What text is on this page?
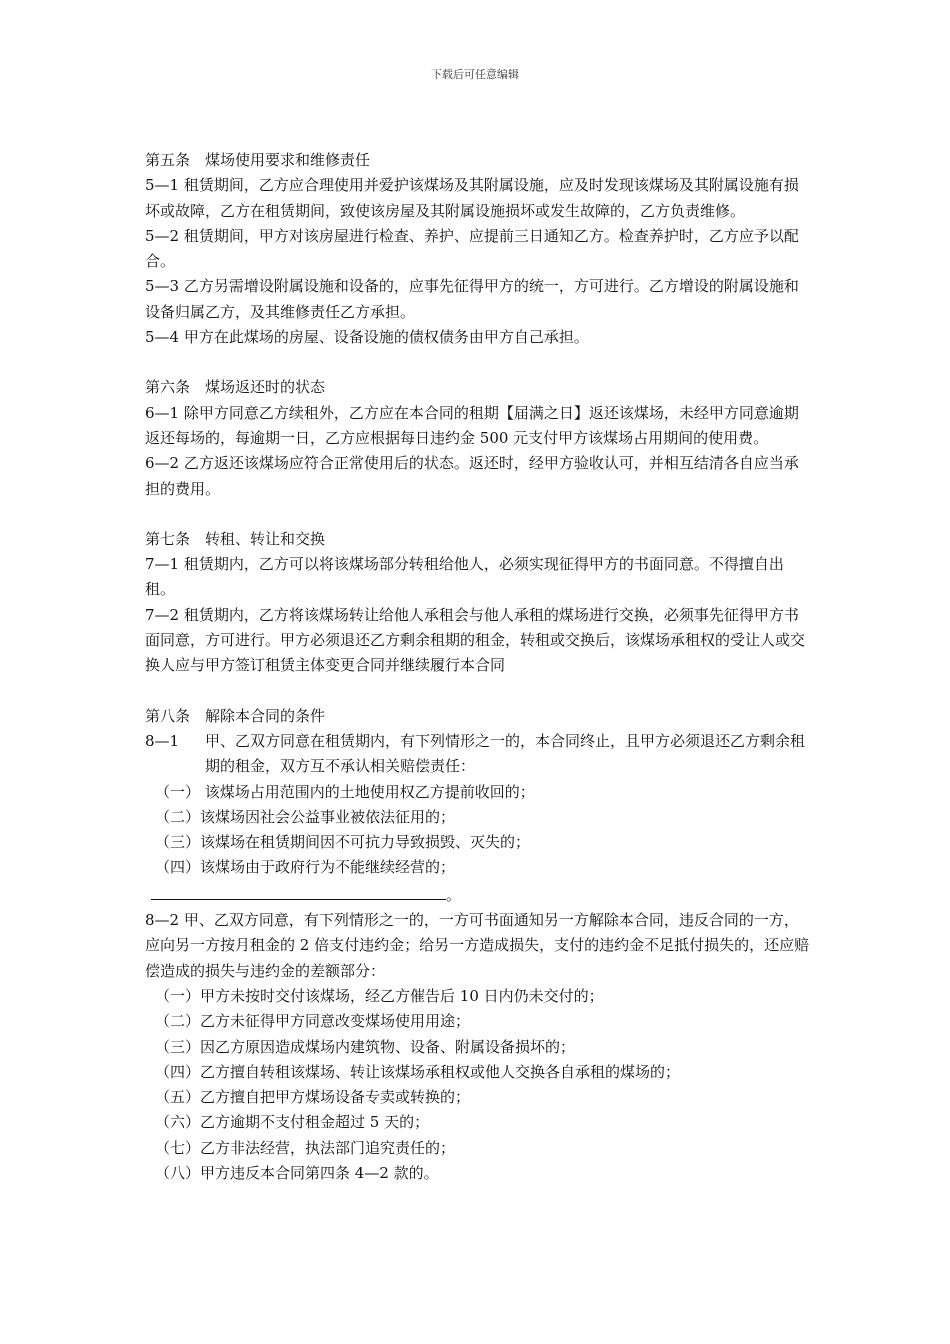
下载后可任意编辑

第五条　煤场使用要求和维修责任

5—1 租赁期间，乙方应合理使用并爱护该煤场及其附属设施，应及时发现该煤场及其附属设施有损坏或故障，乙方在租赁期间，致使该房屋及其附属设施损坏或发生故障的，乙方负责维修。

5—2 租赁期间，甲方对该房屋进行检查、养护、应提前三日通知乙方。检查养护时，乙方应予以配合。

5—3 乙方另需增设附属设施和设备的，应事先征得甲方的统一，方可进行。乙方增设的附属设施和设备归属乙方，及其维修责任乙方承担。

5—4 甲方在此煤场的房屋、设备设施的债权债务由甲方自己承担。

第六条　煤场返还时的状态

6—1 除甲方同意乙方续租外，乙方应在本合同的租期【届满之日】返还该煤场，未经甲方同意逾期返还每场的，每逾期一日，乙方应根据每日违约金 500 元支付甲方该煤场占用期间的使用费。

6—2 乙方返还该煤场应符合正常使用后的状态。返还时，经甲方验收认可，并相互结清各自应当承担的费用。

第七条　转租、转让和交换

7—1 租赁期内，乙方可以将该煤场部分转租给他人，必须实现征得甲方的书面同意。不得擅自出租。

7—2 租赁期内，乙方将该煤场转让给他人承租会与他人承租的煤场进行交换，必须事先征得甲方书面同意，方可进行。甲方必须退还乙方剩余租期的租金，转租或交换后，该煤场承租权的受让人或交换人应与甲方签订租赁主体变更合同并继续履行本合同

第八条　解除本合同的条件

8—1	甲、乙双方同意在租赁期内，有下列情形之一的，本合同终止，且甲方必须退还乙方剩余租期的租金，双方互不承认相关赔偿责任：

（一） 该煤场占用范围内的土地使用权乙方提前收回的；

（二）该煤场因社会公益事业被依法征用的；

（三）该煤场在租赁期间因不可抗力导致损毁、灭失的；

（四）该煤场由于政府行为不能继续经营的；

。

8—2 甲、乙双方同意，有下列情形之一的，一方可书面通知另一方解除本合同，违反合同的一方，应向另一方按月租金的 2 倍支付违约金；给另一方造成损失，支付的违约金不足抵付损失的，还应赔偿造成的损失与违约金的差额部分：

（一）甲方未按时交付该煤场，经乙方催告后 10 日内仍未交付的；

（二）乙方未征得甲方同意改变煤场使用用途；

（三）因乙方原因造成煤场内建筑物、设备、附属设备损坏的；

（四）乙方擅自转租该煤场、转让该煤场承租权或他人交换各自承租的煤场的；

（五）乙方擅自把甲方煤场设备专卖或转换的；

（六）乙方逾期不支付租金超过 5 天的；

（七）乙方非法经营，执法部门追究责任的；

（八）甲方违反本合同第四条 4—2 款的。
